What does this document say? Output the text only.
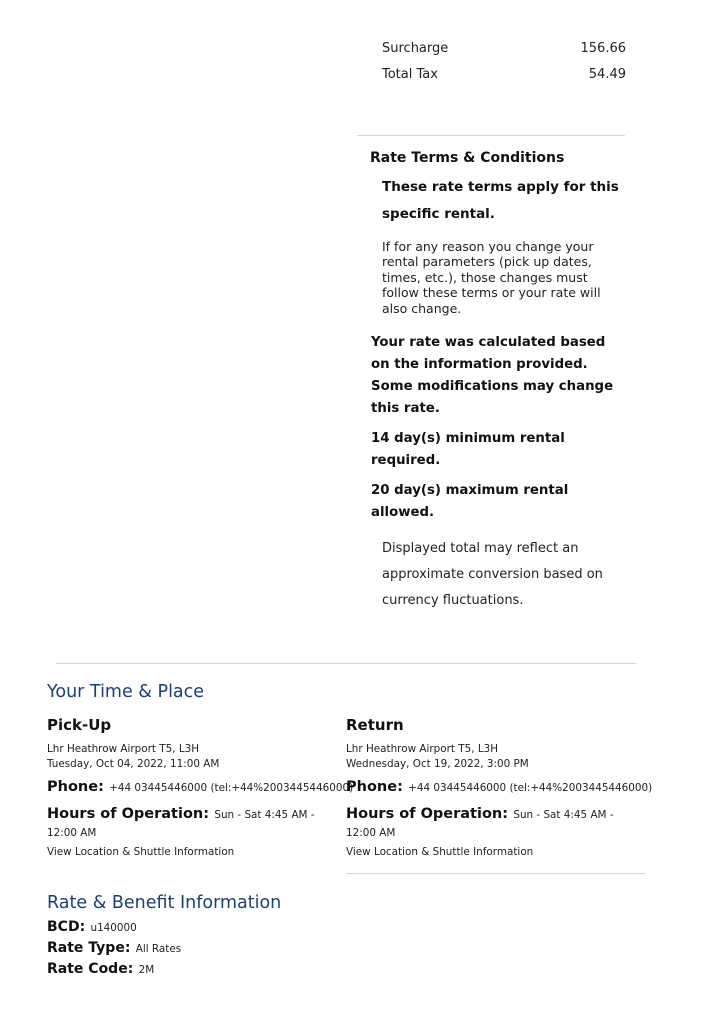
Surcharge	156.66
Total Tax	54.49
Rate Terms & Conditions
These rate terms apply for this specific rental.
If for any reason you change your rental parameters (pick up dates, times, etc.), those changes must follow these terms or your rate will also change.
Your rate was calculated based on the information provided. Some modifications may change this rate.
14 day(s) minimum rental required.
20 day(s) maximum rental allowed.
Displayed total may reflect an approximate conversion based on currency fluctuations.
Your Time & Place
Pick-Up
Lhr Heathrow Airport T5, L3H
Tuesday, Oct 04, 2022, 11:00 AM
Phone: +44 03445446000 (tel:+44%2003445446000)
Hours of Operation: Sun - Sat 4:45 AM - 12:00 AM
View Location & Shuttle Information
Return
Lhr Heathrow Airport T5, L3H
Wednesday, Oct 19, 2022, 3:00 PM
Phone: +44 03445446000 (tel:+44%2003445446000)
Hours of Operation: Sun - Sat 4:45 AM - 12:00 AM
View Location & Shuttle Information
Rate & Benefit Information
BCD: u140000
Rate Type: All Rates
Rate Code: 2M
